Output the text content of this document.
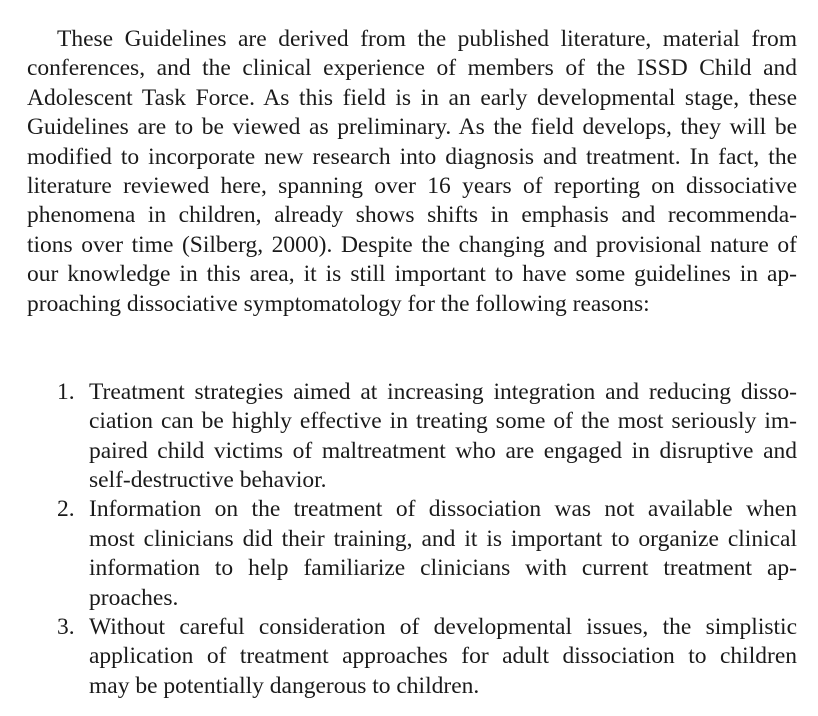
These Guidelines are derived from the published literature, material from
conferences, and the clinical experience of members of the ISSD Child and
Adolescent Task Force. As this field is in an early developmental stage, these
Guidelines are to be viewed as preliminary. As the field develops, they will be
modified to incorporate new research into diagnosis and treatment. In fact, the
literature reviewed here, spanning over 16 years of reporting on dissociative
phenomena in children, already shows shifts in emphasis and recommenda-
tions over time (Silberg, 2000). Despite the changing and provisional nature of
our knowledge in this area, it is still important to have some guidelines in ap-
proaching dissociative symptomatology for the following reasons:
1. Treatment strategies aimed at increasing integration and reducing disso-
ciation can be highly effective in treating some of the most seriously im-
paired child victims of maltreatment who are engaged in disruptive and
self-destructive behavior.
2. Information on the treatment of dissociation was not available when
most clinicians did their training, and it is important to organize clinical
information to help familiarize clinicians with current treatment ap-
proaches.
3. Without careful consideration of developmental issues, the simplistic
application of treatment approaches for adult dissociation to children
may be potentially dangerous to children.
